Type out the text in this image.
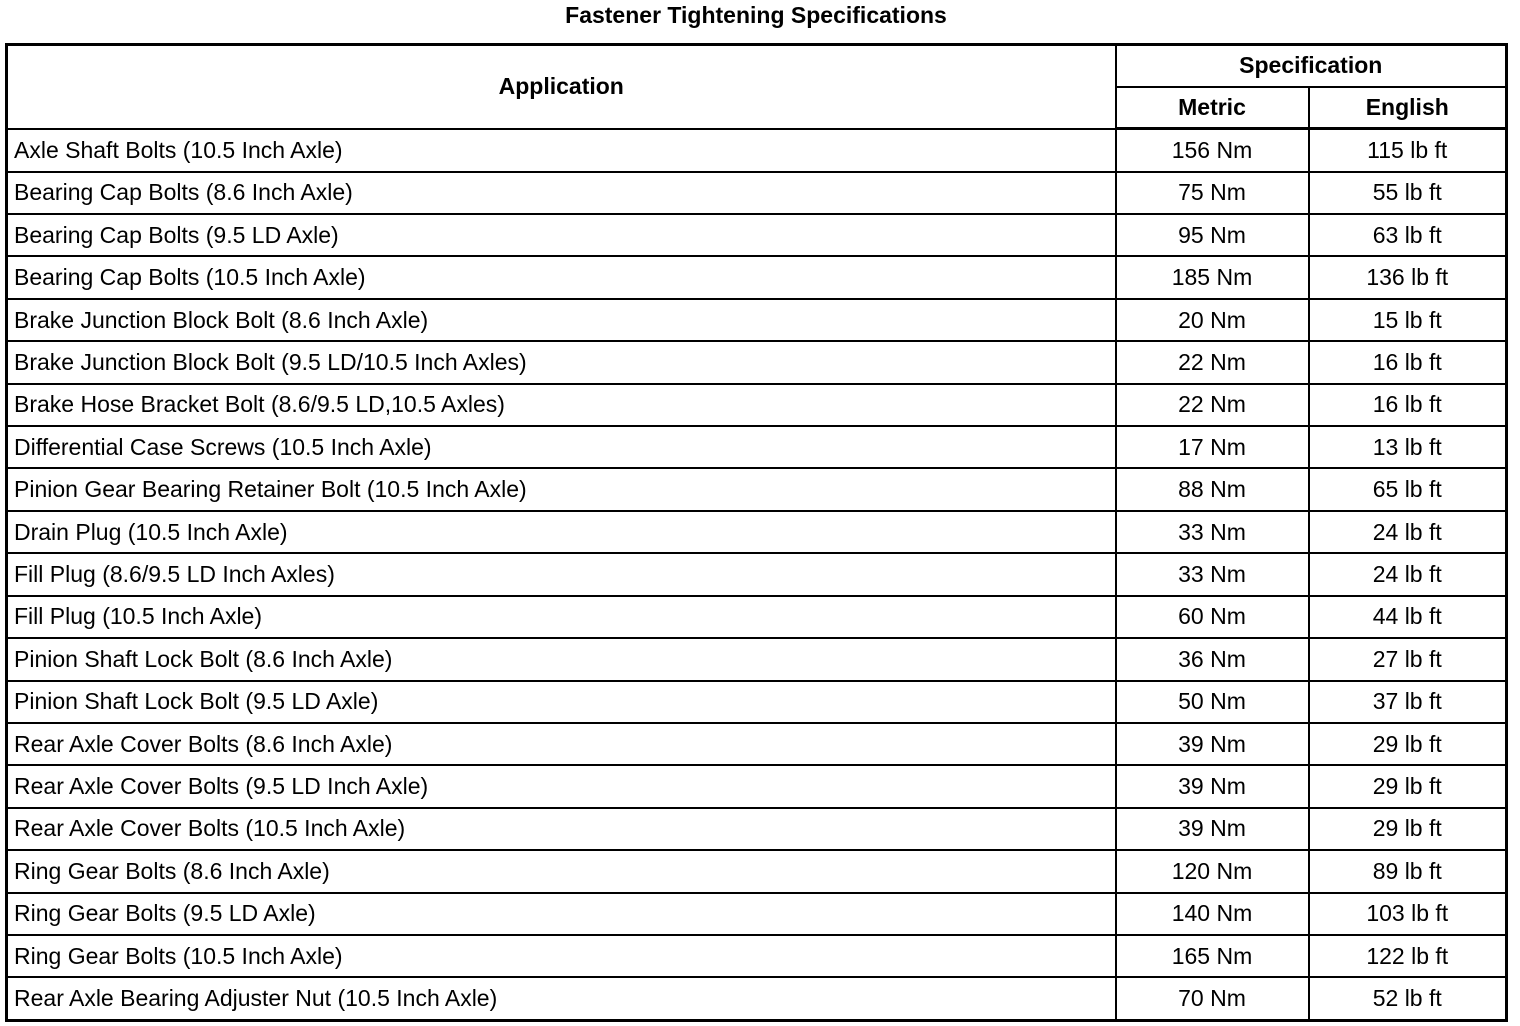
Fastener Tightening Specifications
Application	Specification	
	Metric	English
Axle Shaft Bolts (10.5 Inch Axle)	156 Nm	115 lb ft
Bearing Cap Bolts (8.6 Inch Axle)	75 Nm	55 lb ft
Bearing Cap Bolts (9.5 LD Axle)	95 Nm	63 lb ft
Bearing Cap Bolts (10.5 Inch Axle)	185 Nm	136 lb ft
Brake Junction Block Bolt (8.6 Inch Axle)	20 Nm	15 lb ft
Brake Junction Block Bolt (9.5 LD/10.5 Inch Axles)	22 Nm	16 lb ft
Brake Hose Bracket Bolt (8.6/9.5 LD,10.5 Axles)	22 Nm	16 lb ft
Differential Case Screws (10.5 Inch Axle)	17 Nm	13 lb ft
Pinion Gear Bearing Retainer Bolt (10.5 Inch Axle)	88 Nm	65 lb ft
Drain Plug (10.5 Inch Axle)	33 Nm	24 lb ft
Fill Plug (8.6/9.5 LD Inch Axles)	33 Nm	24 lb ft
Fill Plug (10.5 Inch Axle)	60 Nm	44 lb ft
Pinion Shaft Lock Bolt (8.6 Inch Axle)	36 Nm	27 lb ft
Pinion Shaft Lock Bolt (9.5 LD Axle)	50 Nm	37 lb ft
Rear Axle Cover Bolts (8.6 Inch Axle)	39 Nm	29 lb ft
Rear Axle Cover Bolts (9.5 LD Inch Axle)	39 Nm	29 lb ft
Rear Axle Cover Bolts (10.5 Inch Axle)	39 Nm	29 lb ft
Ring Gear Bolts (8.6 Inch Axle)	120 Nm	89 lb ft
Ring Gear Bolts (9.5 LD Axle)	140 Nm	103 lb ft
Ring Gear Bolts (10.5 Inch Axle)	165 Nm	122 lb ft
Rear Axle Bearing Adjuster Nut (10.5 Inch Axle)	70 Nm	52 lb ft
